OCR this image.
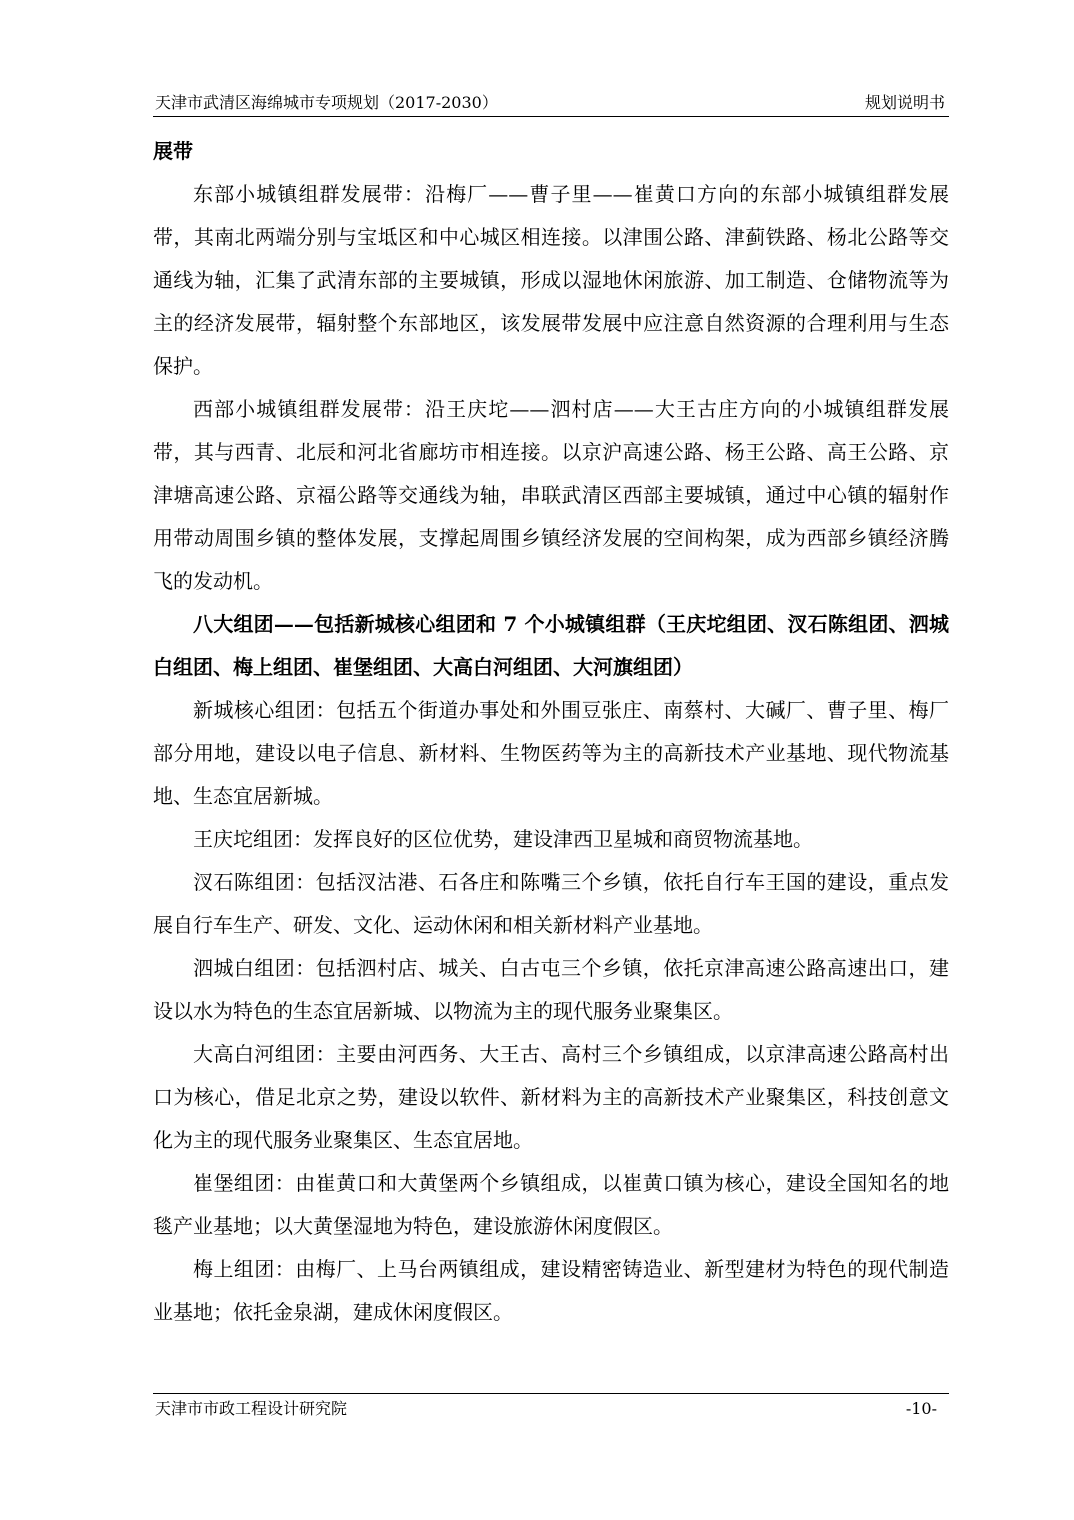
天津市武清区海绵城市专项规划（2017-2030）	规划说明书

展带

东部小城镇组群发展带：沿梅厂——曹子里——崔黄口方向的东部小城镇组群发展带，其南北两端分别与宝坻区和中心城区相连接。以津围公路、津蓟铁路、杨北公路等交通线为轴，汇集了武清东部的主要城镇，形成以湿地休闲旅游、加工制造、仓储物流等为主的经济发展带，辐射整个东部地区，该发展带发展中应注意自然资源的合理利用与生态保护。

西部小城镇组群发展带：沿王庆坨——泗村店——大王古庄方向的小城镇组群发展带，其与西青、北辰和河北省廊坊市相连接。以京沪高速公路、杨王公路、高王公路、京津塘高速公路、京福公路等交通线为轴，串联武清区西部主要城镇，通过中心镇的辐射作用带动周围乡镇的整体发展，支撑起周围乡镇经济发展的空间构架，成为西部乡镇经济腾飞的发动机。

八大组团——包括新城核心组团和 7 个小城镇组群（王庆坨组团、汊石陈组团、泗城白组团、梅上组团、崔堡组团、大高白河组团、大河旗组团）

新城核心组团：包括五个街道办事处和外围豆张庄、南蔡村、大碱厂、曹子里、梅厂部分用地，建设以电子信息、新材料、生物医药等为主的高新技术产业基地、现代物流基地、生态宜居新城。

王庆坨组团：发挥良好的区位优势，建设津西卫星城和商贸物流基地。

汊石陈组团：包括汊沽港、石各庄和陈嘴三个乡镇，依托自行车王国的建设，重点发展自行车生产、研发、文化、运动休闲和相关新材料产业基地。

泗城白组团：包括泗村店、城关、白古屯三个乡镇，依托京津高速公路高速出口，建设以水为特色的生态宜居新城、以物流为主的现代服务业聚集区。

大高白河组团：主要由河西务、大王古、高村三个乡镇组成，以京津高速公路高村出口为核心，借足北京之势，建设以软件、新材料为主的高新技术产业聚集区，科技创意文化为主的现代服务业聚集区、生态宜居地。

崔堡组团：由崔黄口和大黄堡两个乡镇组成，以崔黄口镇为核心，建设全国知名的地毯产业基地；以大黄堡湿地为特色，建设旅游休闲度假区。

梅上组团：由梅厂、上马台两镇组成，建设精密铸造业、新型建材为特色的现代制造业基地；依托金泉湖，建成休闲度假区。

天津市市政工程设计研究院	-10-
